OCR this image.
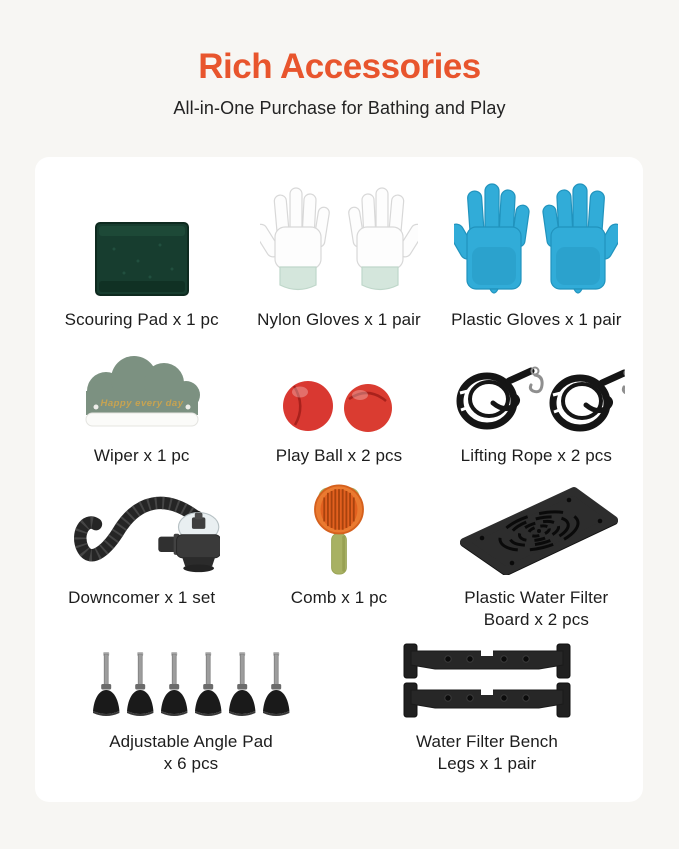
Rich Accessories

All-in-One Purchase for Bathing and Play

Scouring Pad x 1 pc Nylon Gloves x 1 pair Plastic Gloves x 1 pair
Happy every day
Wiper x 1 pc	Play Ball x 2 pcs	Lifting Rope x 2 pcs
Downcomer x 1 set	Comb x 1 pc	Plastic Water Filter Board x 2 pcs
Adjustable Angle Pad x 6 pcs
Water Filter Bench Legs x 1 pair
